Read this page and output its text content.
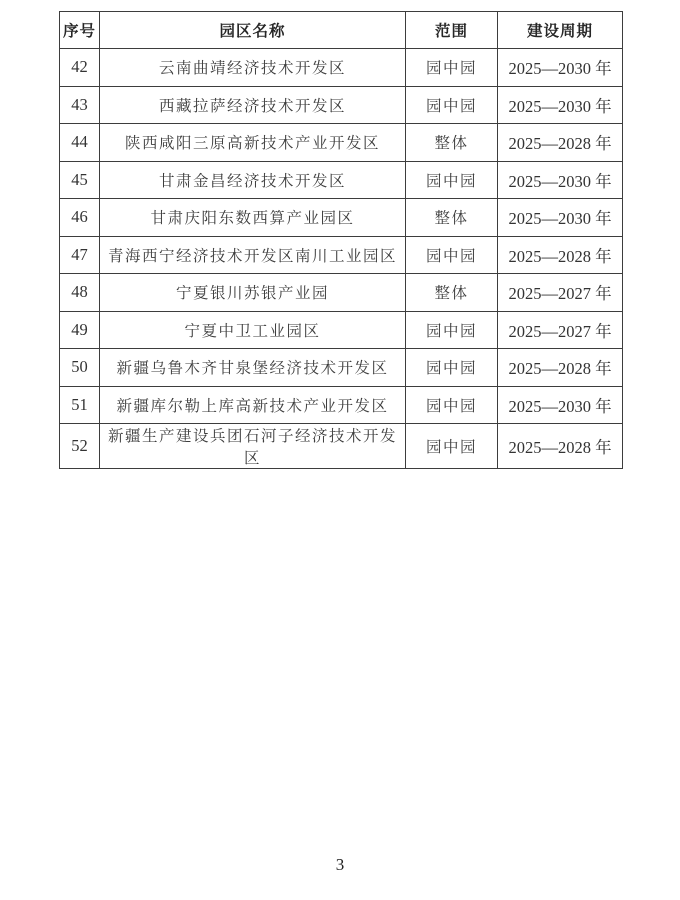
序号	园区名称	范围	建设周期
42	云南曲靖经济技术开发区	园中园	2025—2030 年
43	西藏拉萨经济技术开发区	园中园	2025—2030 年
44	陕西咸阳三原高新技术产业开发区	整体	2025—2028 年
45	甘肃金昌经济技术开发区	园中园	2025—2030 年
46	甘肃庆阳东数西算产业园区	整体	2025—2030 年
47	青海西宁经济技术开发区南川工业园区	园中园	2025—2028 年
48	宁夏银川苏银产业园	整体	2025—2027 年
49	宁夏中卫工业园区	园中园	2025—2027 年
50	新疆乌鲁木齐甘泉堡经济技术开发区	园中园	2025—2028 年
51	新疆库尔勒上库高新技术产业开发区	园中园	2025—2030 年
52	新疆生产建设兵团石河子经济技术开发区	园中园	2025—2028 年
3
